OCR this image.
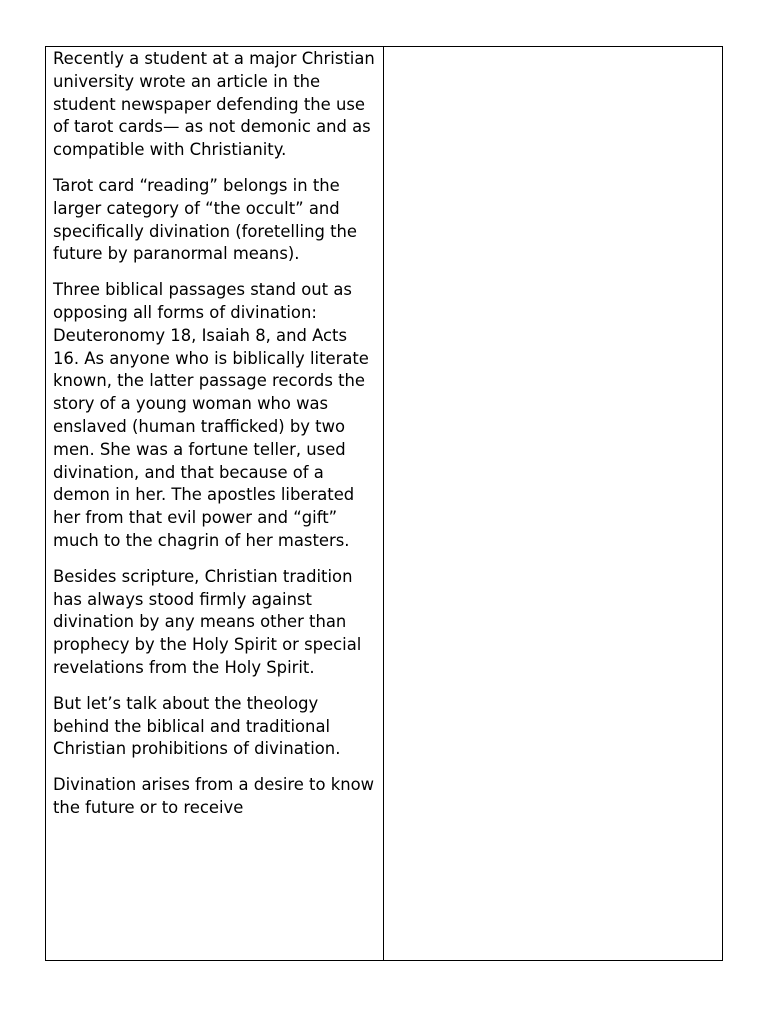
Recently a student at a major Christian university wrote an article in the student newspaper defending the use of tarot cards— as not demonic and as compatible with Christianity.

Tarot card “reading” belongs in the larger category of “the occult” and specifically divination (foretelling the future by paranormal means).

Three biblical passages stand out as opposing all forms of divination: Deuteronomy 18, Isaiah 8, and Acts 16. As anyone who is biblically literate known, the latter passage records the story of a young woman who was enslaved (human trafficked) by two men. She was a fortune teller, used divination, and that because of a demon in her. The apostles liberated her from that evil power and “gift” much to the chagrin of her masters.

Besides scripture, Christian tradition has always stood firmly against divination by any means other than prophecy by the Holy Spirit or special revelations from the Holy Spirit.

But let’s talk about the theology behind the biblical and traditional Christian prohibitions of divination.

Divination arises from a desire to know the future or to receive
